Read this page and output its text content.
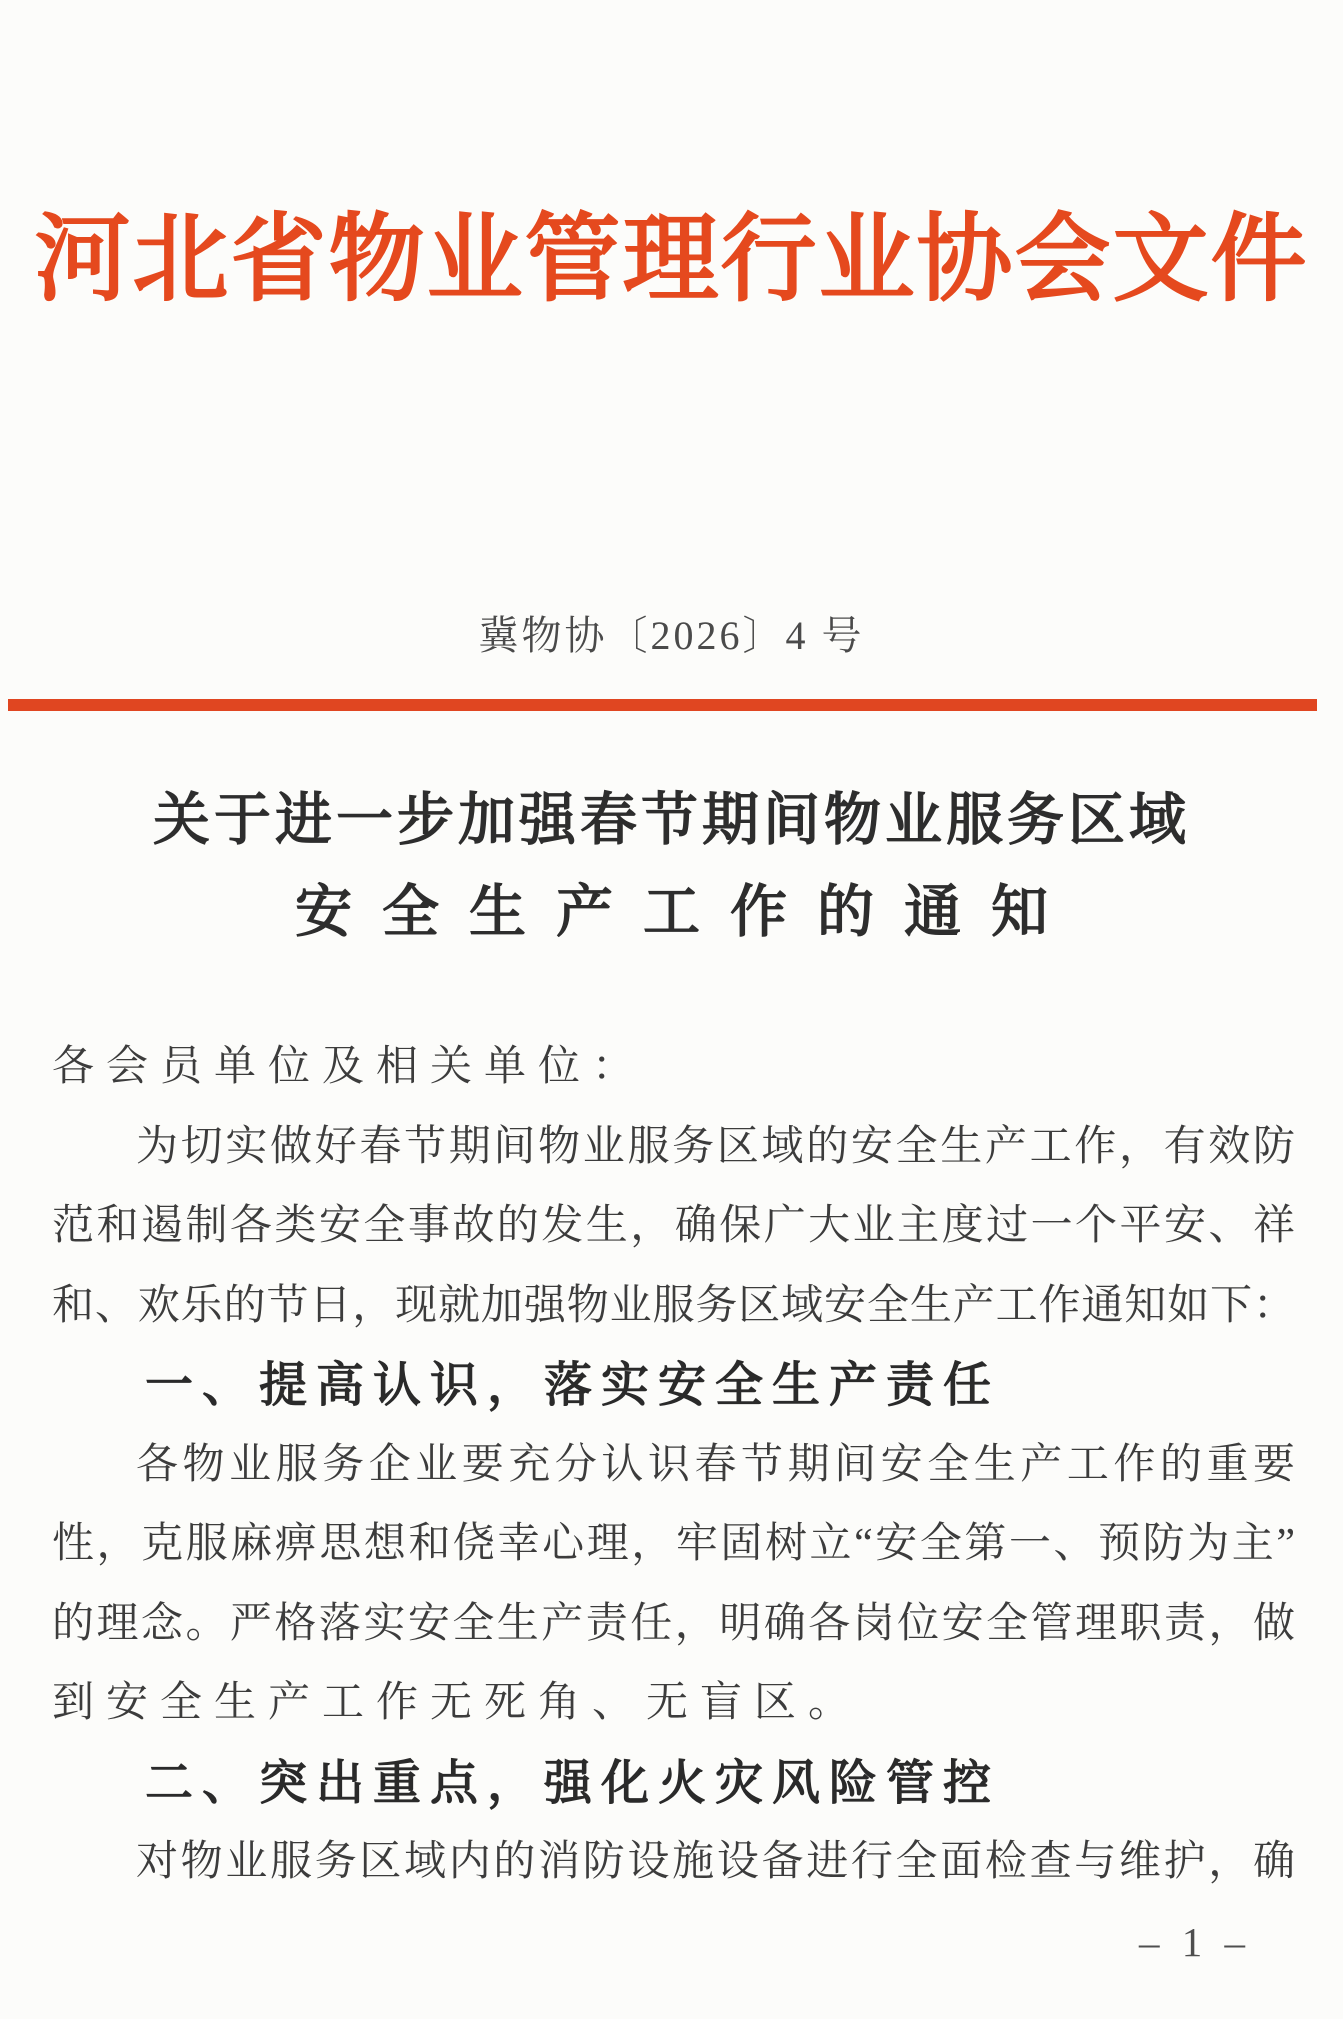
河北省物业管理行业协会文件
冀物协〔2026〕4 号
关于进一步加强春节期间物业服务区域
安全生产工作的通知
各会员单位及相关单位：
为切实做好春节期间物业服务区域的安全生产工作，有效防
范和遏制各类安全事故的发生，确保广大业主度过一个平安、祥
和、欢乐的节日，现就加强物业服务区域安全生产工作通知如下：
一、提高认识，落实安全生产责任
各物业服务企业要充分认识春节期间安全生产工作的重要
性，克服麻痹思想和侥幸心理，牢固树立“安全第一、预防为主”
的理念。严格落实安全生产责任，明确各岗位安全管理职责，做
到安全生产工作无死角、无盲区。
二、突出重点，强化火灾风险管控
对物业服务区域内的消防设施设备进行全面检查与维护，确
– 1 –
